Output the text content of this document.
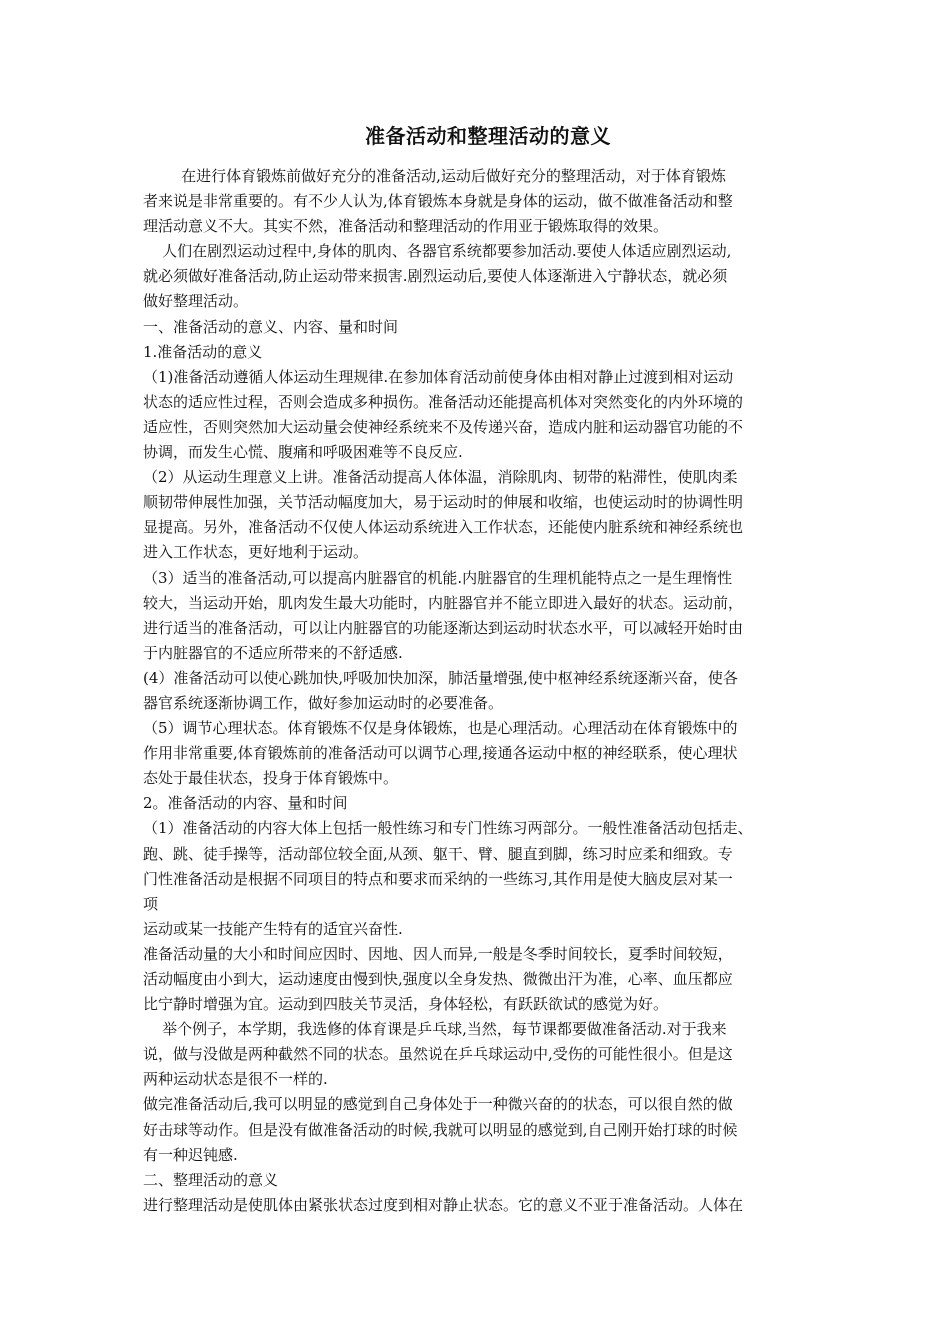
准备活动和整理活动的意义

在进行体育锻炼前做好充分的准备活动,运动后做好充分的整理活动，对于体育锻炼

者来说是非常重要的。有不少人认为,体育锻炼本身就是身体的运动，做不做准备活动和整

理活动意义不大。其实不然，准备活动和整理活动的作用亚于锻炼取得的效果。

人们在剧烈运动过程中,身体的肌肉、各器官系统都要参加活动.要使人体适应剧烈运动,

就必须做好准备活动,防止运动带来损害.剧烈运动后,要使人体逐渐进入宁静状态，就必须

做好整理活动。

一、准备活动的意义、内容、量和时间

1.准备活动的意义

（1)准备活动遵循人体运动生理规律.在参加体育活动前使身体由相对静止过渡到相对运动

状态的适应性过程，否则会造成多种损伤。准备活动还能提高机体对突然变化的内外环境的

适应性，否则突然加大运动量会使神经系统来不及传递兴奋，造成内脏和运动器官功能的不

协调，而发生心慌、腹痛和呼吸困难等不良反应.

（2）从运动生理意义上讲。准备活动提高人体体温，消除肌肉、韧带的粘滞性，使肌肉柔

顺韧带伸展性加强，关节活动幅度加大，易于运动时的伸展和收缩，也使运动时的协调性明

显提高。另外，准备活动不仅使人体运动系统进入工作状态，还能使内脏系统和神经系统也

进入工作状态，更好地利于运动。

（3）适当的准备活动,可以提高内脏器官的机能.内脏器官的生理机能特点之一是生理惰性

较大，当运动开始，肌肉发生最大功能时，内脏器官并不能立即进入最好的状态。运动前，

进行适当的准备活动，可以让内脏器官的功能逐渐达到运动时状态水平，可以减轻开始时由

于内脏器官的不适应所带来的不舒适感.

(4）准备活动可以使心跳加快,呼吸加快加深，肺活量增强,使中枢神经系统逐渐兴奋，使各

器官系统逐渐协调工作，做好参加运动时的必要准备。

（5）调节心理状态。体育锻炼不仅是身体锻炼，也是心理活动。心理活动在体育锻炼中的

作用非常重要,体育锻炼前的准备活动可以调节心理,接通各运动中枢的神经联系，使心理状

态处于最佳状态，投身于体育锻炼中。

2。准备活动的内容、量和时间

（1）准备活动的内容大体上包括一般性练习和专门性练习两部分。一般性准备活动包括走、

跑、跳、徒手操等，活动部位较全面,从颈、躯干、臂、腿直到脚，练习时应柔和细致。专

门性准备活动是根据不同项目的特点和要求而采纳的一些练习,其作用是使大脑皮层对某一

项

运动或某一技能产生特有的适宜兴奋性.

准备活动量的大小和时间应因时、因地、因人而异,一般是冬季时间较长，夏季时间较短，

活动幅度由小到大，运动速度由慢到快,强度以全身发热、微微出汗为准，心率、血压都应

比宁静时增强为宜。运动到四肢关节灵活，身体轻松，有跃跃欲试的感觉为好。

举个例子，本学期，我选修的体育课是乒乓球,当然，每节课都要做准备活动.对于我来

说，做与没做是两种截然不同的状态。虽然说在乒乓球运动中,受伤的可能性很小。但是这

两种运动状态是很不一样的.

做完准备活动后,我可以明显的感觉到自己身体处于一种微兴奋的的状态，可以很自然的做

好击球等动作。但是没有做准备活动的时候,我就可以明显的感觉到,自己刚开始打球的时候

有一种迟钝感.

二、整理活动的意义

进行整理活动是使肌体由紧张状态过度到相对静止状态。它的意义不亚于准备活动。人体在
